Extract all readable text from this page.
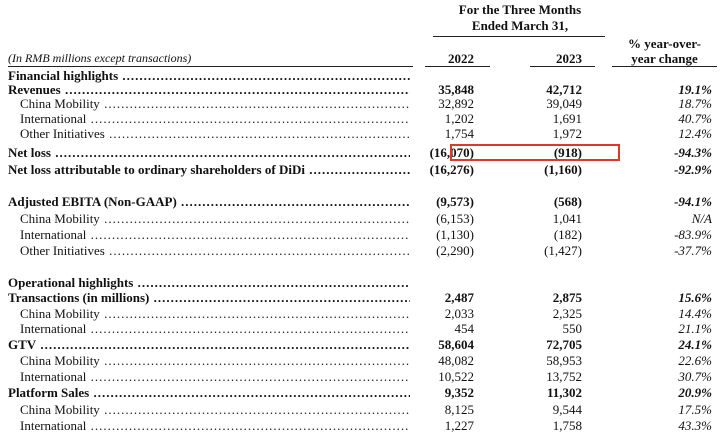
For the Three Months
Ended March 31,
(In RMB millions except transactions)	2022	2023
% year-over-
year change
Financial highlights .....
Revenues .....	35,848	42,712	19.1%
China Mobility .....	32,892	39,049	18.7%
International .....	1,202	1,691	40.7%
Other Initiatives .....	1,754	1,972	12.4%
Net loss .....	(16,070)	(918)	-94.3%
Net loss attributable to ordinary shareholders of DiDi .....	(16,276)	(1,160)	-92.9%
Adjusted EBITA (Non-GAAP) .....	(9,573)	(568)	-94.1%
China Mobility .....	(6,153)	1,041	N/A
International .....	(1,130)	(182)	-83.9%
Other Initiatives .....	(2,290)	(1,427)	-37.7%
Operational highlights .....
Transactions (in millions) .....	2,487	2,875	15.6%
China Mobility .....	2,033	2,325	14.4%
International .....	454	550	21.1%
GTV .....	58,604	72,705	24.1%
China Mobility .....	48,082	58,953	22.6%
International .....	10,522	13,752	30.7%
Platform Sales .....	9,352	11,302	20.9%
China Mobility .....	8,125	9,544	17.5%
International .....	1,227	1,758	43.3%
